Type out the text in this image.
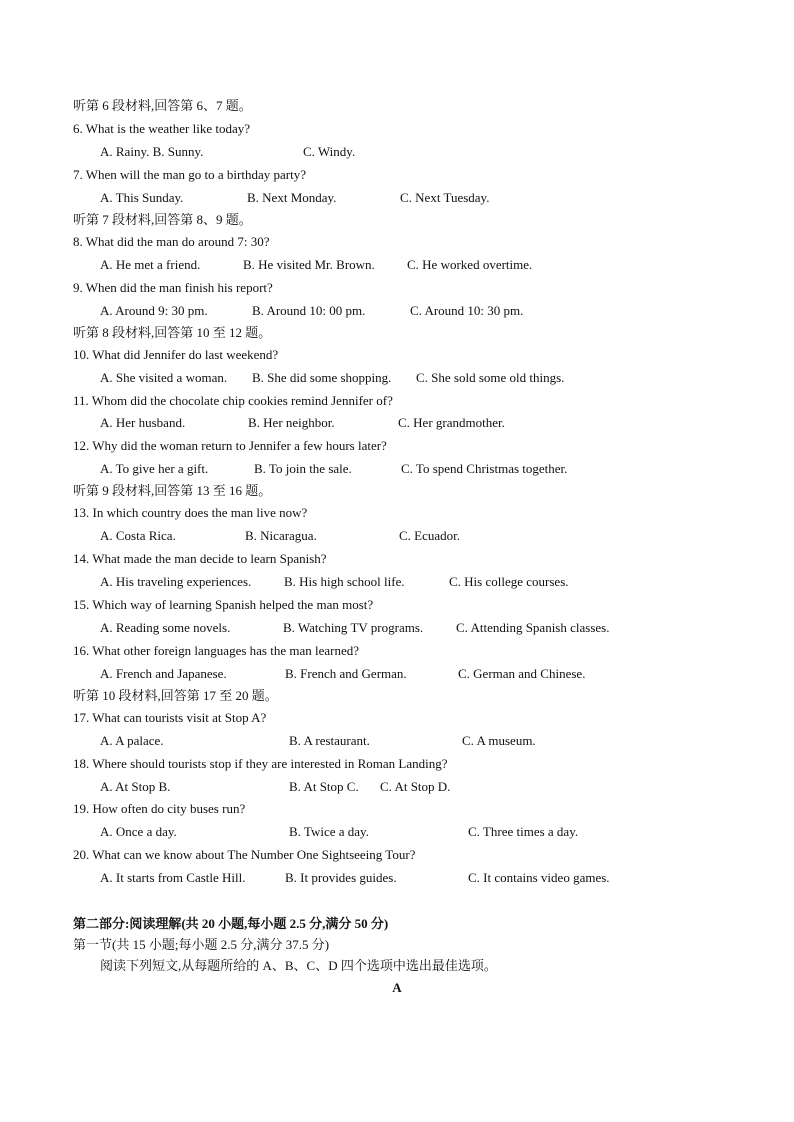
听第 6 段材料,回答第 6、7 题。
6. What is the weather like today?
A. Rainy. B. Sunny.	C. Windy.
7. When will the man go to a birthday party?
A. This Sunday.	B. Next Monday.	C. Next Tuesday.
听第 7 段材料,回答第 8、9 题。
8. What did the man do around 7: 30?
A. He met a friend.	B. He visited Mr. Brown. C. He worked overtime.
9. When did the man finish his report?
A. Around 9: 30 pm.	B. Around 10: 00 pm.	C. Around 10: 30 pm.
听第 8 段材料,回答第 10 至 12 题。
10. What did Jennifer do last weekend?
A. She visited a woman. B. She did some shopping. C. She sold some old things.
11. Whom did the chocolate chip cookies remind Jennifer of?
A. Her husband.	B. Her neighbor.	C. Her grandmother.
12. Why did the woman return to Jennifer a few hours later?
A. To give her a gift.	B. To join the sale.	C. To spend Christmas together.
听第 9 段材料,回答第 13 至 16 题。
13. In which country does the man live now?
A. Costa Rica.	B. Nicaragua.	C. Ecuador.
14. What made the man decide to learn Spanish?
A. His traveling experiences.	B. His high school life.	C. His college courses.
15. Which way of learning Spanish helped the man most?
A. Reading some novels.	B. Watching TV programs.	C. Attending Spanish classes.
16. What other foreign languages has the man learned?
A. French and Japanese.	B. French and German.	C. German and Chinese.
听第 10 段材料,回答第 17 至 20 题。
17. What can tourists visit at Stop A?
A. A palace.	B. A restaurant.	C. A museum.
18. Where should tourists stop if they are interested in Roman Landing?
A. At Stop B.	B. At Stop C. C. At Stop D.
19. How often do city buses run?
A. Once a day.	B. Twice a day.	C. Three times a day.
20. What can we know about The Number One Sightseeing Tour?
A. It starts from Castle Hill.	B. It provides guides.	C. It contains video games.
第二部分:阅读理解(共 20 小题,每小题 2.5 分,满分 50 分)
第一节(共 15 小题;每小题 2.5 分,满分 37.5 分)
阅读下列短文,从每题所给的 A、B、C、D 四个选项中选出最佳选项。
A
